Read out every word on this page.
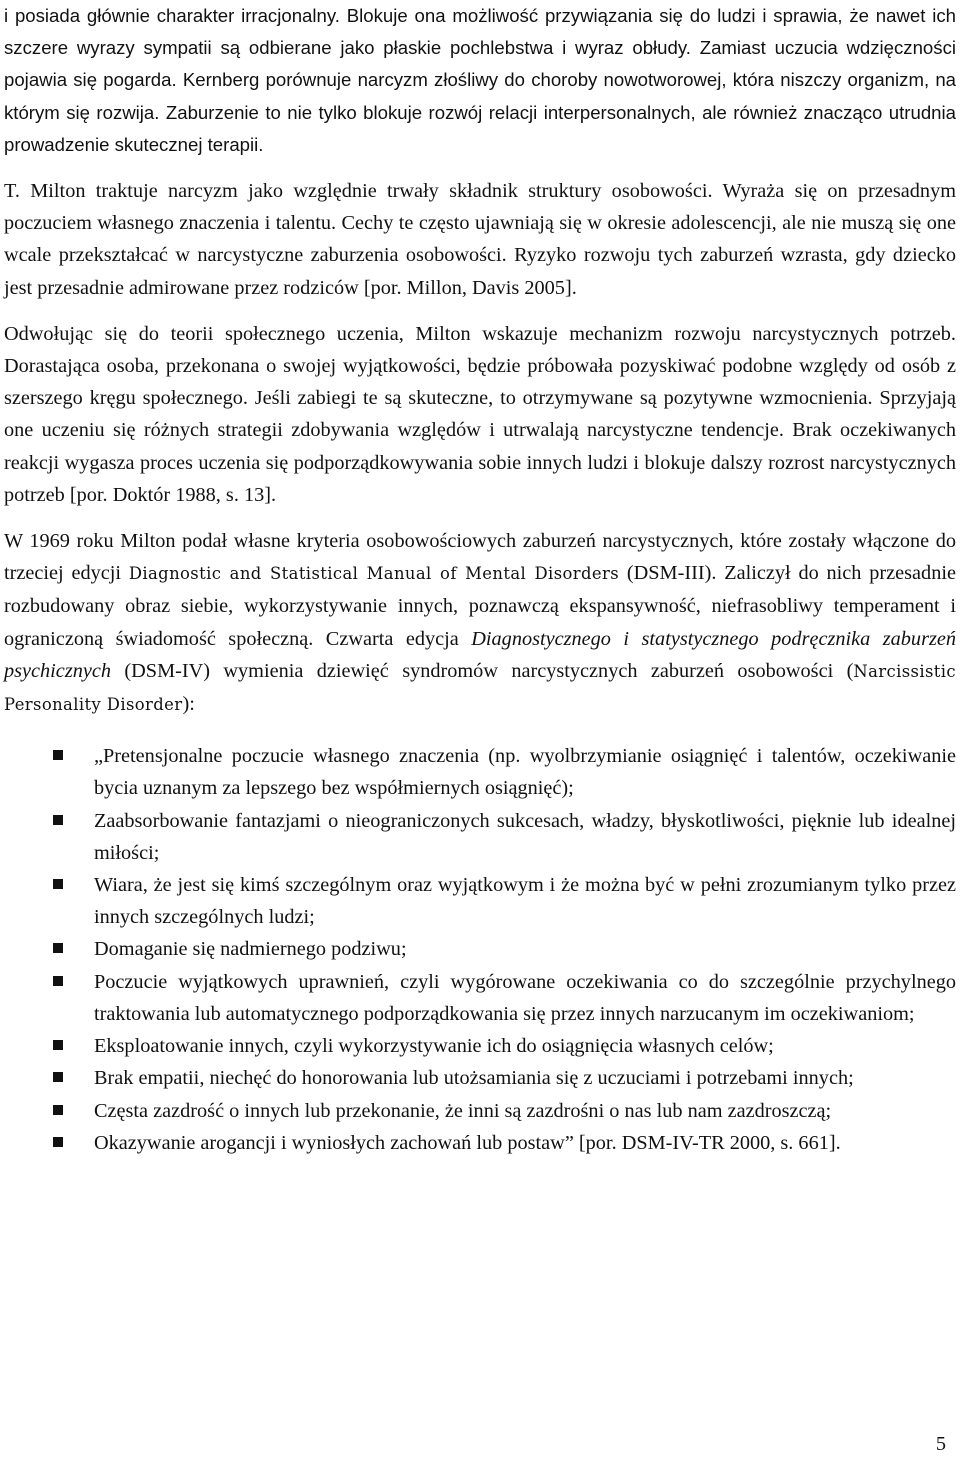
i posiada głównie charakter irracjonalny. Blokuje ona możliwość przywiązania się do ludzi i sprawia, że nawet ich szczere wyrazy sympatii są odbierane jako płaskie pochlebstwa i wyraz obłudy. Zamiast uczucia wdzięczności pojawia się pogarda. Kernberg porównuje narcyzm złośliwy do choroby nowotworowej, która niszczy organizm, na którym się rozwija. Zaburzenie to nie tylko blokuje rozwój relacji interpersonalnych, ale również znacząco utrudnia prowadzenie skutecznej terapii.

T. Milton traktuje narcyzm jako względnie trwały składnik struktury osobowości. Wyraża się on przesadnym poczuciem własnego znaczenia i talentu. Cechy te często ujawniają się w okresie adolescencji, ale nie muszą się one wcale przekształcać w narcystyczne zaburzenia osobowości. Ryzyko rozwoju tych zaburzeń wzrasta, gdy dziecko jest przesadnie admirowane przez rodziców [por. Millon, Davis 2005].

Odwołując się do teorii społecznego uczenia, Milton wskazuje mechanizm rozwoju narcystycznych potrzeb. Dorastająca osoba, przekonana o swojej wyjątkowości, będzie próbowała pozyskiwać podobne względy od osób z szerszego kręgu społecznego. Jeśli zabiegi te są skuteczne, to otrzymywane są pozytywne wzmocnienia. Sprzyjają one uczeniu się różnych strategii zdobywania względów i utrwalają narcystyczne tendencje. Brak oczekiwanych reakcji wygasza proces uczenia się podporządkowywania sobie innych ludzi i blokuje dalszy rozrost narcystycznych potrzeb [por. Doktór 1988, s. 13].

W 1969 roku Milton podał własne kryteria osobowościowych zaburzeń narcystycznych, które zostały włączone do trzeciej edycji Diagnostic and Statistical Manual of Mental Disorders (DSM-III). Zaliczył do nich przesadnie rozbudowany obraz siebie, wykorzystywanie innych, poznawczą ekspansywność, niefrasobliwy temperament i ograniczoną świadomość społeczną. Czwarta edycja Diagnostycznego i statystycznego podręcznika zaburzeń psychicznych (DSM-IV) wymienia dziewięć syndromów narcystycznych zaburzeń osobowości (Narcissistic Personality Disorder):

„Pretensjonalne poczucie własnego znaczenia (np. wyolbrzymianie osiągnięć i talentów, oczekiwanie bycia uznanym za lepszego bez współmiernych osiągnięć);
Zaabsorbowanie fantazjami o nieograniczonych sukcesach, władzy, błyskotliwości, pięknie lub idealnej miłości;
Wiara, że jest się kimś szczególnym oraz wyjątkowym i że można być w pełni zrozumianym tylko przez innych szczególnych ludzi;
Domaganie się nadmiernego podziwu;
Poczucie wyjątkowych uprawnień, czyli wygórowane oczekiwania co do szczególnie przychylnego traktowania lub automatycznego podporządkowania się przez innych narzucanym im oczekiwaniom;
Eksploatowanie innych, czyli wykorzystywanie ich do osiągnięcia własnych celów;
Brak empatii, niechęć do honorowania lub utożsamiania się z uczuciami i potrzebami innych;
Częsta zazdrość o innych lub przekonanie, że inni są zazdrośni o nas lub nam zazdroszczą;
Okazywanie arogancji i wyniosłych zachowań lub postaw” [por. DSM-IV-TR 2000, s. 661].
5
